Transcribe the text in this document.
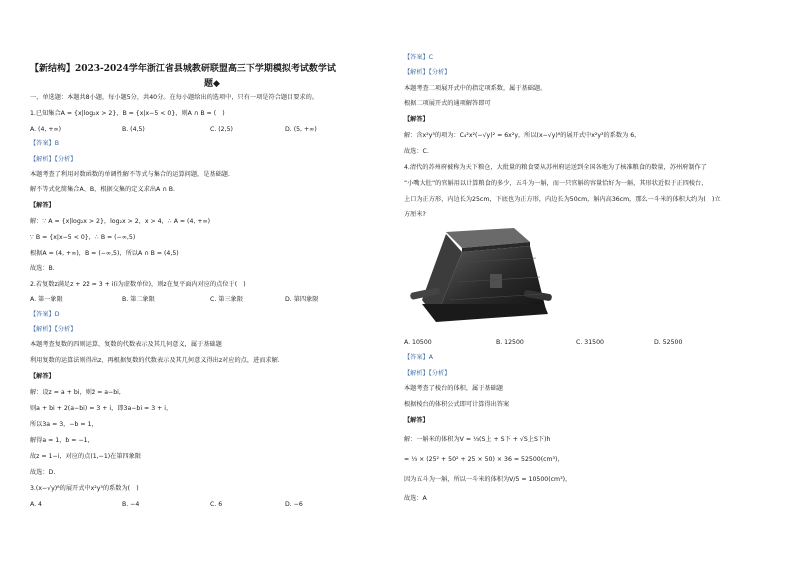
【新结构】2023-2024学年浙江省县城教研联盟高三下学期模拟考试数学试
题◆
一、单选题：本题共8小题，每小题5分，共40分。在每小题给出的选项中，只有一项是符合题目要求的。
1.已知集合A = {x|log₂x > 2}，B = {x|x−5 < 0}，则A ∩ B = (　)
A. (4, +∞)	B. (4,5)	C. (2,5)	D. (5, +∞)
【答案】B
【解析】【分析】
本题考查了利用对数函数的单调性解不等式与集合的运算问题，是基础题.
解不等式化简集合A、B，根据交集的定义求出A ∩ B.
【解答】
解：∵ A = {x|log₂x > 2}，log₂x > 2，x > 4，∴ A = (4, +∞)
∵ B = {x|x−5 < 0}，∴ B = (−∞,5)
根据A = (4, +∞)，B = (−∞,5)，所以A ∩ B = (4,5)
故选：B.
2.若复数z满足z + 2z̄ = 3 + i(i为虚数单位)，则z在复平面内对应的点位于(　)
A. 第一象限	B. 第二象限	C. 第三象限	D. 第四象限
【答案】D
【解析】【分析】
本题考查复数的四则运算，复数的代数表示及其几何意义，属于基础题
利用复数的运算法则得出z，再根据复数的代数表示及其几何意义得出z对应的点，进而求解.
【解答】
解：设z = a + bi，则z̄ = a−bi,
则a + bi + 2(a−bi) = 3 + i，即3a−bi = 3 + i，
所以3a = 3，−b = 1，
解得a = 1，b = −1，
故z = 1−i，对应的点(1,−1)在第四象限
故选：D.
3.(x−√y)⁸的展开式中x²y³的系数为(　)
A. 4	B. −4	C. 6	D. −6
【答案】C
【解析】【分析】
本题考查二项展开式中的指定项系数，属于基础题。
根据二项展开式的通项解答即可
【解答】
解：含x²y³的项为：C₄²x²(−√y)² = 6x²y，所以(x−√y)⁸的展开式中x²y³的系数为 6，
故选：C.
4.清代的苏州府被称为天下粮仓，大批量的粮食要从苏州府运送到全国各地为了核准粮食的数量，苏州府制作了
“小嘴大肚”的官斛用以计算粮食的多少，五斗为一斛，而一只官斛的容量恰好为一斛，其形状近似于正四棱台，
上口为正方形，内边长为25cm，下底也为正方形，内边长为50cm，斛内高36cm，那么一斗米的体积大约为(　)立
方厘米?
A. 10500	B. 12500	C. 31500	D. 52500
【答案】A
【解析】【分析】
本题考查了棱台的体积，属于基础题
根据棱台的体积公式即可计算得出答案
【解答】
解：一斛米的体积为V = ⅓(S上 + S下 + √S上S下)h
= ⅓ × (25² + 50² + 25 × 50) × 36 = 52500(cm³)，
因为五斗为一斛，所以一斗米的体积为V/5 = 10500(cm³)，
故选：A
